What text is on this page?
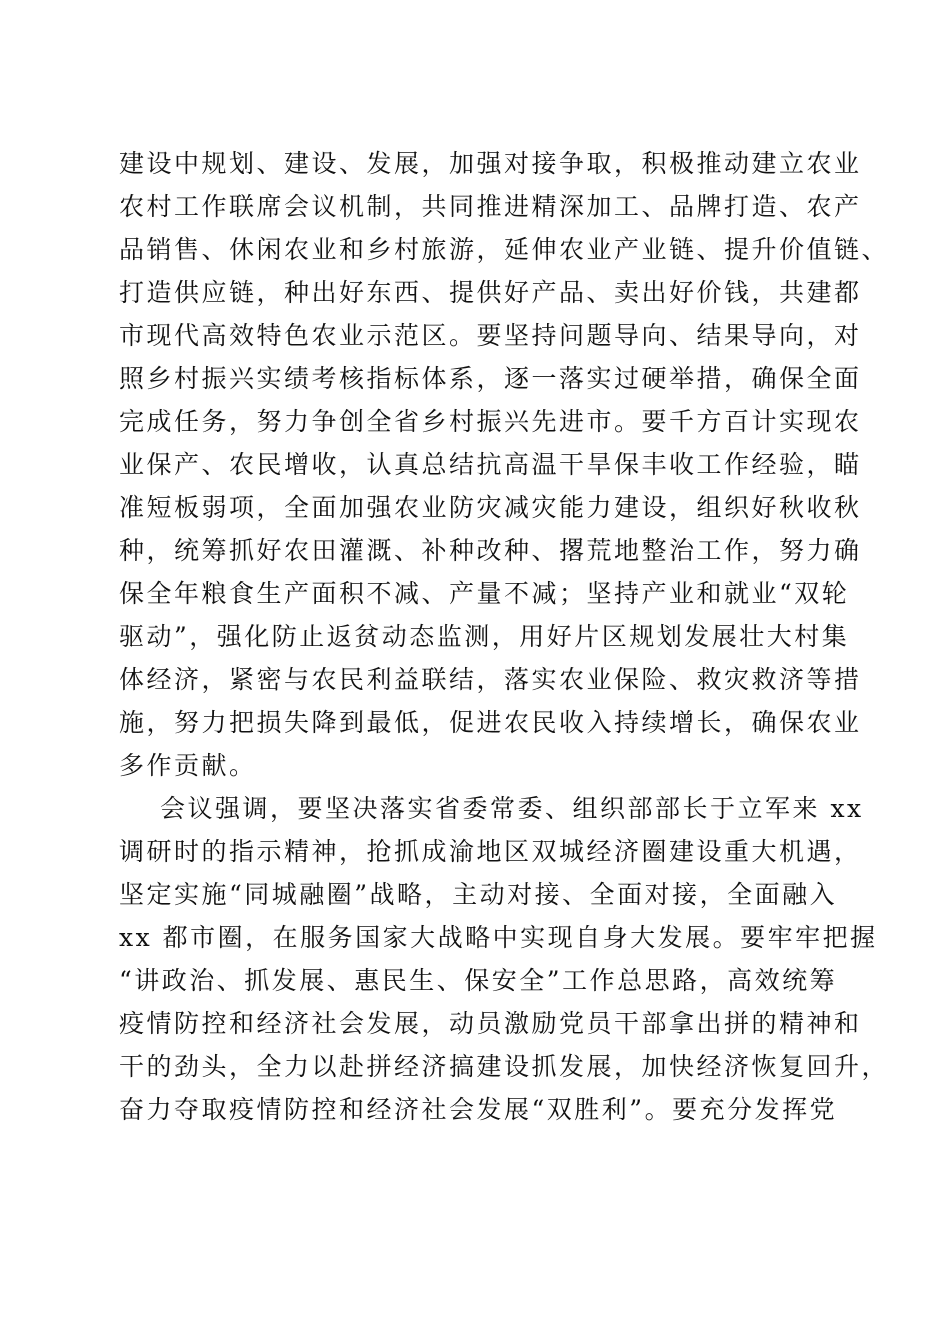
建设中规划、建设、发展，加强对接争取，积极推动建立农业
农村工作联席会议机制，共同推进精深加工、品牌打造、农产
品销售、休闲农业和乡村旅游，延伸农业产业链、提升价值链、
打造供应链，种出好东西、提供好产品、卖出好价钱，共建都
市现代高效特色农业示范区。要坚持问题导向、结果导向，对
照乡村振兴实绩考核指标体系，逐一落实过硬举措，确保全面
完成任务，努力争创全省乡村振兴先进市。要千方百计实现农
业保产、农民增收，认真总结抗高温干旱保丰收工作经验，瞄
准短板弱项，全面加强农业防灾减灾能力建设，组织好秋收秋
种，统筹抓好农田灌溉、补种改种、撂荒地整治工作，努力确
保全年粮食生产面积不减、产量不减；坚持产业和就业“双轮
驱动”，强化防止返贫动态监测，用好片区规划发展壮大村集
体经济，紧密与农民利益联结，落实农业保险、救灾救济等措
施，努力把损失降到最低，促进农民收入持续增长，确保农业
多作贡献。
会议强调，要坚决落实省委常委、组织部部长于立军来 xx
调研时的指示精神，抢抓成渝地区双城经济圈建设重大机遇，
坚定实施“同城融圈”战略，主动对接、全面对接，全面融入
xx 都市圈，在服务国家大战略中实现自身大发展。要牢牢把握
“讲政治、抓发展、惠民生、保安全”工作总思路，高效统筹
疫情防控和经济社会发展，动员激励党员干部拿出拼的精神和
干的劲头，全力以赴拼经济搞建设抓发展，加快经济恢复回升，
奋力夺取疫情防控和经济社会发展“双胜利”。要充分发挥党
